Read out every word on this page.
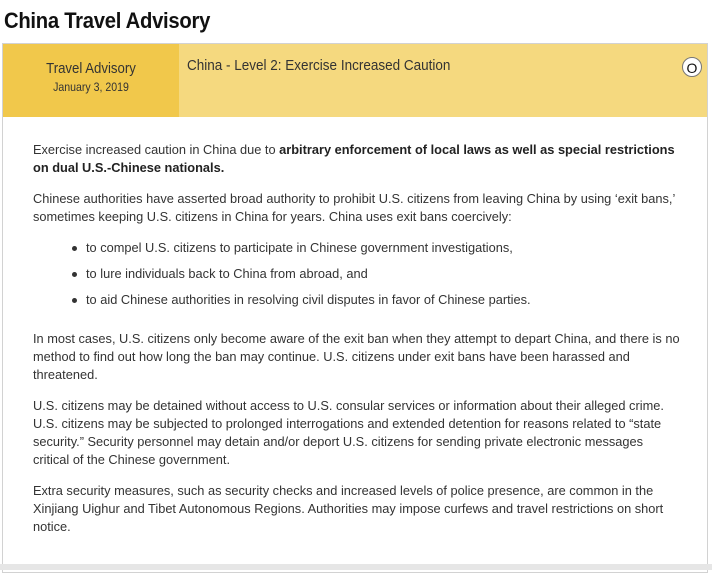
China Travel Advisory
Travel Advisory
January 3, 2019
China - Level 2: Exercise Increased Caution	O

Exercise increased caution in China due to arbitrary enforcement of local laws as well as special restrictions on dual U.S.-Chinese nationals.

Chinese authorities have asserted broad authority to prohibit U.S. citizens from leaving China by using ‘exit bans,’ sometimes keeping U.S. citizens in China for years. China uses exit bans coercively:

to compel U.S. citizens to participate in Chinese government investigations,
to lure individuals back to China from abroad, and
to aid Chinese authorities in resolving civil disputes in favor of Chinese parties.

In most cases, U.S. citizens only become aware of the exit ban when they attempt to depart China, and there is no method to find out how long the ban may continue. U.S. citizens under exit bans have been harassed and threatened.

U.S. citizens may be detained without access to U.S. consular services or information about their alleged crime. U.S. citizens may be subjected to prolonged interrogations and extended detention for reasons related to “state security.” Security personnel may detain and/or deport U.S. citizens for sending private electronic messages critical of the Chinese government.

Extra security measures, such as security checks and increased levels of police presence, are common in the Xinjiang Uighur and Tibet Autonomous Regions. Authorities may impose curfews and travel restrictions on short notice.
